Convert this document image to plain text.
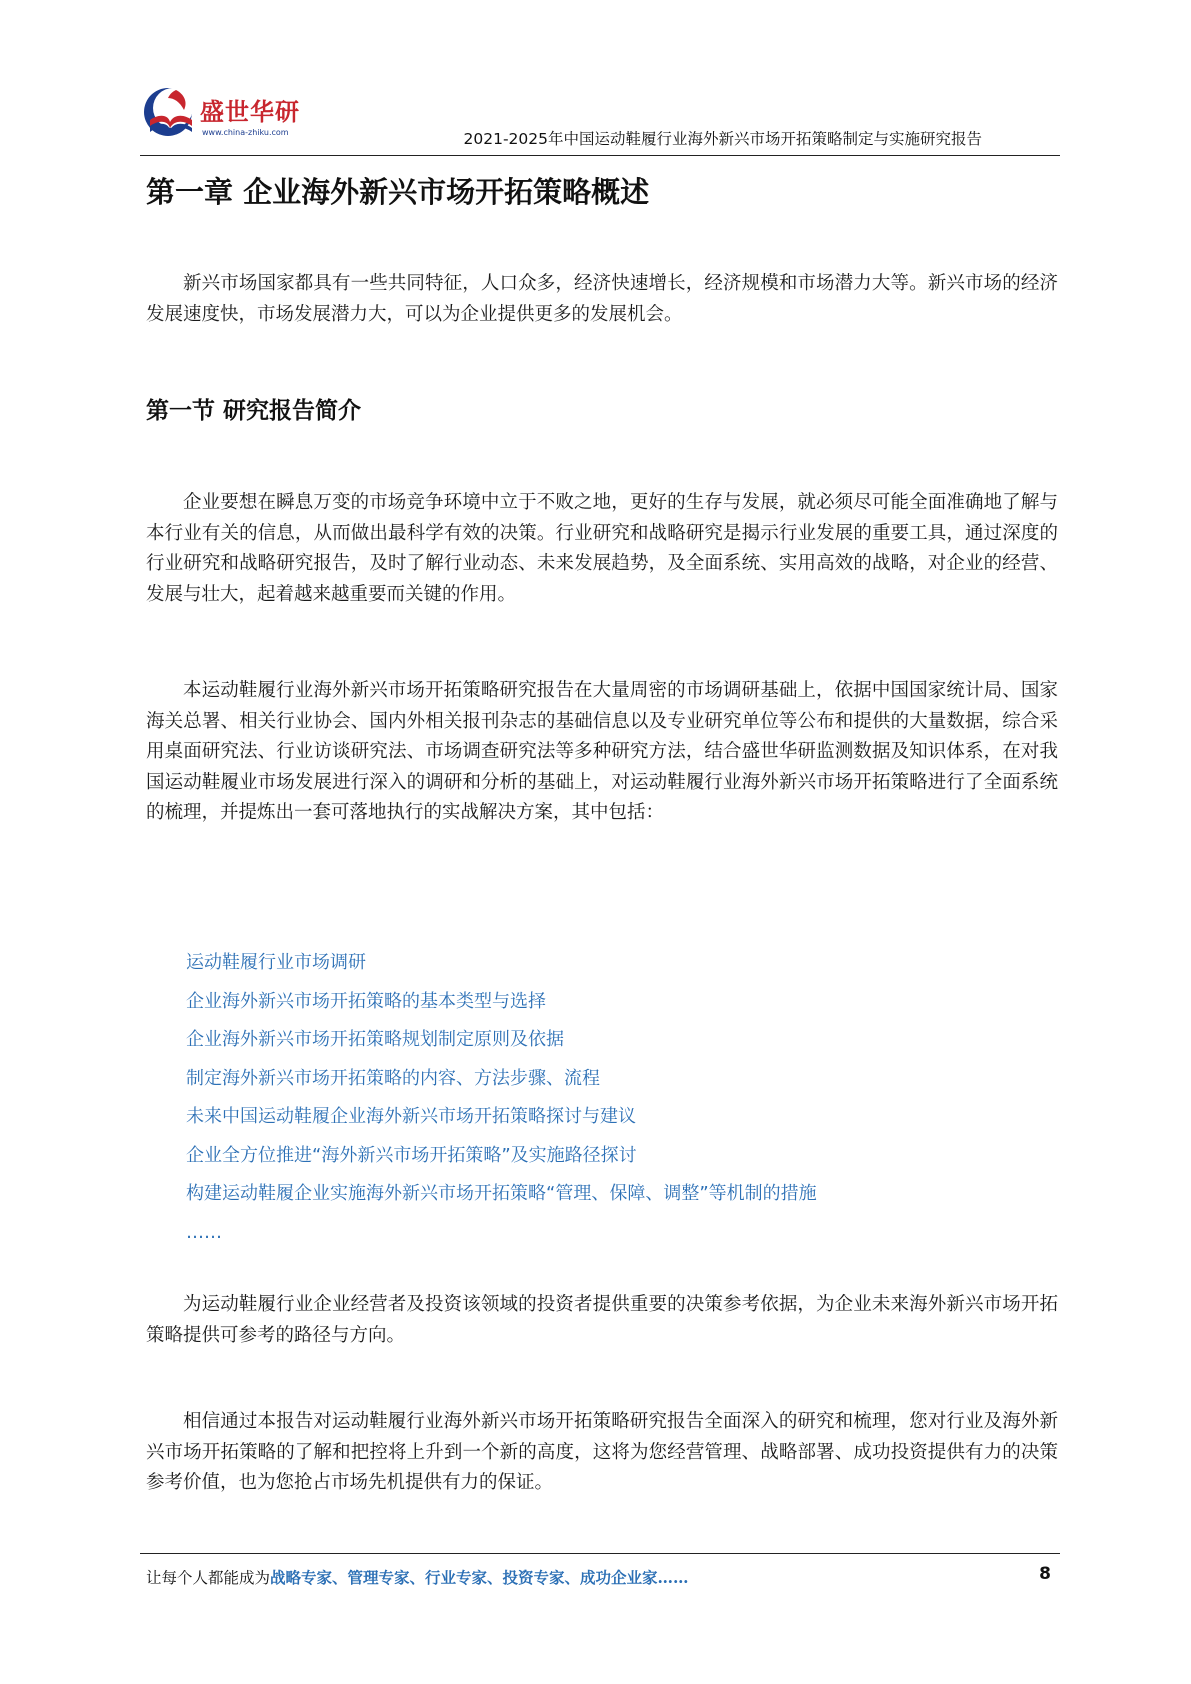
盛世华研
www.china-zhiku.com	2021-2025年中国运动鞋履行业海外新兴市场开拓策略制定与实施研究报告
第一章 企业海外新兴市场开拓策略概述

新兴市场国家都具有一些共同特征，人口众多，经济快速增长，经济规模和市场潜力大等。新兴市场的经济发展速度快，市场发展潜力大，可以为企业提供更多的发展机会。

第一节 研究报告简介

企业要想在瞬息万变的市场竞争环境中立于不败之地，更好的生存与发展，就必须尽可能全面准确地了解与本行业有关的信息，从而做出最科学有效的决策。行业研究和战略研究是揭示行业发展的重要工具，通过深度的行业研究和战略研究报告，及时了解行业动态、未来发展趋势，及全面系统、实用高效的战略，对企业的经营、发展与壮大，起着越来越重要而关键的作用。

本运动鞋履行业海外新兴市场开拓策略研究报告在大量周密的市场调研基础上，依据中国国家统计局、国家海关总署、相关行业协会、国内外相关报刊杂志的基础信息以及专业研究单位等公布和提供的大量数据，综合采用桌面研究法、行业访谈研究法、市场调查研究法等多种研究方法，结合盛世华研监测数据及知识体系，在对我国运动鞋履业市场发展进行深入的调研和分析的基础上，对运动鞋履行业海外新兴市场开拓策略进行了全面系统的梳理，并提炼出一套可落地执行的实战解决方案，其中包括：

运动鞋履行业市场调研
企业海外新兴市场开拓策略的基本类型与选择
企业海外新兴市场开拓策略规划制定原则及依据
制定海外新兴市场开拓策略的内容、方法步骤、流程
未来中国运动鞋履企业海外新兴市场开拓策略探讨与建议
企业全方位推进“海外新兴市场开拓策略”及实施路径探讨
构建运动鞋履企业实施海外新兴市场开拓策略“管理、保障、调整”等机制的措施
……

为运动鞋履行业企业经营者及投资该领域的投资者提供重要的决策参考依据，为企业未来海外新兴市场开拓策略提供可参考的路径与方向。

相信通过本报告对运动鞋履行业海外新兴市场开拓策略研究报告全面深入的研究和梳理，您对行业及海外新兴市场开拓策略的了解和把控将上升到一个新的高度，这将为您经营管理、战略部署、成功投资提供有力的决策参考价值，也为您抢占市场先机提供有力的保证。

让每个人都能成为战略专家、管理专家、行业专家、投资专家、成功企业家……	8
